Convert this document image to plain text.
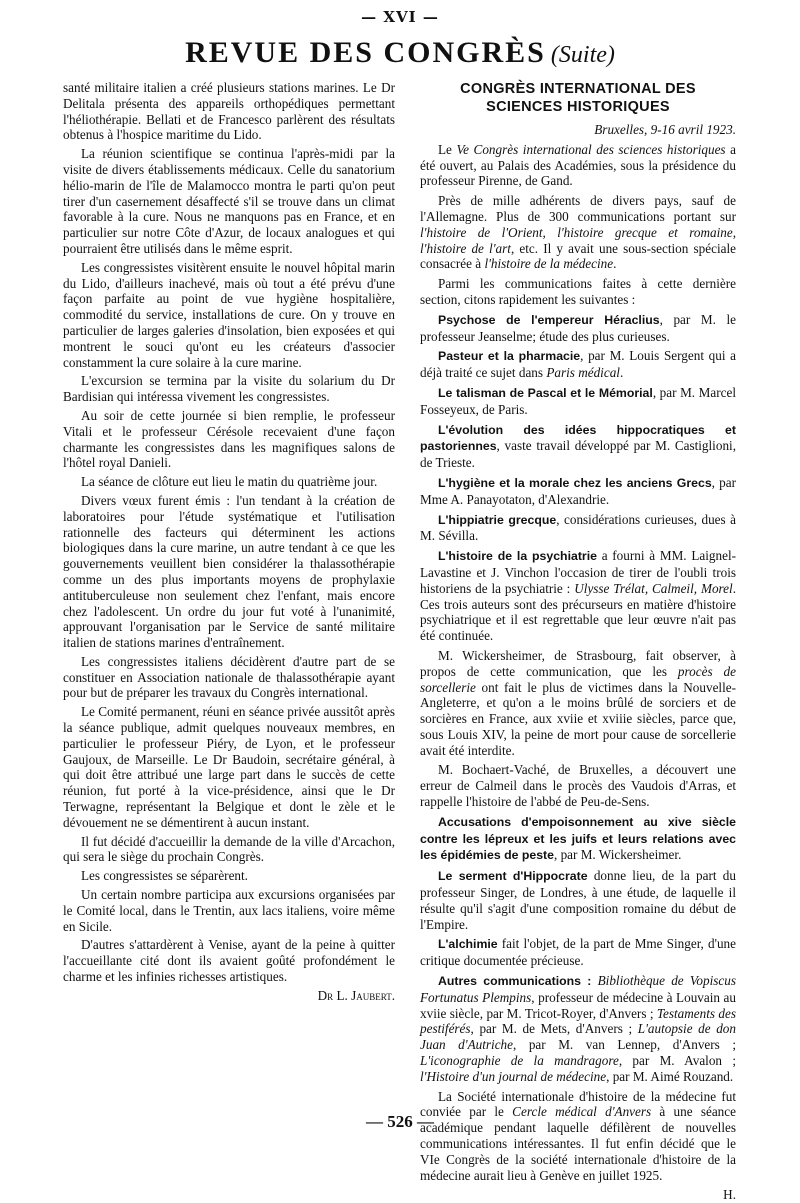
— XVI —
REVUE DES CONGRÈS (Suite)

santé militaire italien a créé plusieurs stations marines. Le Dr Delitala présenta des appareils orthopédiques permettant l'héliothérapie. Bellati et de Francesco parlèrent des résultats obtenus à l'hospice maritime du Lido.

La réunion scientifique se continua l'après-midi par la visite de divers établissements médicaux. Celle du sanatorium hélio-marin de l'île de Malamocco montra le parti qu'on peut tirer d'un casernement désaffecté s'il se trouve dans un climat favorable à la cure. Nous ne manquons pas en France, et en particulier sur notre Côte d'Azur, de locaux analogues et qui pourraient être utilisés dans le même esprit.

Les congressistes visitèrent ensuite le nouvel hôpital marin du Lido, d'ailleurs inachevé, mais où tout a été prévu d'une façon parfaite au point de vue hygiène hospitalière, commodité du service, installations de cure. On y trouve en particulier de larges galeries d'insolation, bien exposées et qui montrent le souci qu'ont eu les créateurs d'associer constamment la cure solaire à la cure marine.

L'excursion se termina par la visite du solarium du Dr Bardisian qui intéressa vivement les congressistes.

Au soir de cette journée si bien remplie, le professeur Vitali et le professeur Cérésole recevaient d'une façon charmante les congressistes dans les magnifiques salons de l'hôtel royal Danieli.

La séance de clôture eut lieu le matin du quatrième jour.

Divers vœux furent émis : l'un tendant à la création de laboratoires pour l'étude systématique et l'utilisation rationnelle des facteurs qui déterminent les actions biologiques dans la cure marine, un autre tendant à ce que les gouvernements veuillent bien considérer la thalassothérapie comme un des plus importants moyens de prophylaxie antituberculeuse non seulement chez l'enfant, mais encore chez l'adolescent. Un ordre du jour fut voté à l'unanimité, approuvant l'organisation par le Service de santé militaire italien de stations marines d'entraînement.

Les congressistes italiens décidèrent d'autre part de se constituer en Association nationale de thalassothérapie ayant pour but de préparer les travaux du Congrès international.

Le Comité permanent, réuni en séance privée aussitôt après la séance publique, admit quelques nouveaux membres, en particulier le professeur Piéry, de Lyon, et le professeur Gaujoux, de Marseille. Le Dr Baudoin, secrétaire général, à qui doit être attribué une large part dans le succès de cette réunion, fut porté à la vice-présidence, ainsi que le Dr Terwagne, représentant la Belgique et dont le zèle et le dévouement ne se démentirent à aucun instant.

Il fut décidé d'accueillir la demande de la ville d'Arcachon, qui sera le siège du prochain Congrès.

Les congressistes se séparèrent.

Un certain nombre participa aux excursions organisées par le Comité local, dans le Trentin, aux lacs italiens, voire même en Sicile.

D'autres s'attardèrent à Venise, ayant de la peine à quitter l'accueillante cité dont ils avaient goûté profondément le charme et les infinies richesses artistiques.

Dr L. Jaubert.
CONGRÈS INTERNATIONAL DES SCIENCES HISTORIQUES
Bruxelles, 9-16 avril 1923.

Le Ve Congrès international des sciences historiques a été ouvert, au Palais des Académies, sous la présidence du professeur Pirenne, de Gand.

Près de mille adhérents de divers pays, sauf de l'Allemagne. Plus de 300 communications portant sur l'histoire de l'Orient, l'histoire grecque et romaine, l'histoire de l'art, etc. Il y avait une sous-section spéciale consacrée à l'histoire de la médecine.

Parmi les communications faites à cette dernière section, citons rapidement les suivantes :

Psychose de l'empereur Héraclius, par M. le professeur Jeanselme; étude des plus curieuses.

Pasteur et la pharmacie, par M. Louis Sergent qui a déjà traité ce sujet dans Paris médical.

Le talisman de Pascal et le Mémorial, par M. Marcel Fosseyeux, de Paris.

L'évolution des idées hippocratiques et pastoriennes, vaste travail développé par M. Castiglioni, de Trieste.

L'hygiène et la morale chez les anciens Grecs, par Mme A. Panayotaton, d'Alexandrie.

L'hippiatrie grecque, considérations curieuses, dues à M. Sévilla.

L'histoire de la psychiatrie a fourni à MM. Laignel-Lavastine et J. Vinchon l'occasion de tirer de l'oubli trois historiens de la psychiatrie : Ulysse Trélat, Calmeil, Morel. Ces trois auteurs sont des précurseurs en matière d'histoire psychiatrique et il est regrettable que leur œuvre n'ait pas été continuée.

M. Wickersheimer, de Strasbourg, fait observer, à propos de cette communication, que les procès de sorcellerie ont fait le plus de victimes dans la Nouvelle-Angleterre, et qu'on a le moins brûlé de sorciers et de sorcières en France, aux xviie et xviiie siècles, parce que, sous Louis XIV, la peine de mort pour cause de sorcellerie avait été interdite.

M. Bochaert-Vaché, de Bruxelles, a découvert une erreur de Calmeil dans le procès des Vaudois d'Arras, et rappelle l'histoire de l'abbé de Peu-de-Sens.

Accusations d'empoisonnement au xive siècle contre les lépreux et les juifs et leurs relations avec les épidémies de peste, par M. Wickersheimer.

Le serment d'Hippocrate donne lieu, de la part du professeur Singer, de Londres, à une étude, de laquelle il résulte qu'il s'agit d'une composition romaine du début de l'Empire.

L'alchimie fait l'objet, de la part de Mme Singer, d'une critique documentée précieuse.

Autres communications : Bibliothèque de Vopiscus Fortunatus Plempins, professeur de médecine à Louvain au xviie siècle, par M. Tricot-Royer, d'Anvers ; Testaments des pestiférés, par M. de Mets, d'Anvers ; L'autopsie de don Juan d'Autriche, par M. van Lennep, d'Anvers ; L'iconographie de la mandragore, par M. Avalon ; l'Histoire d'un journal de médecine, par M. Aimé Rouzand.

La Société internationale d'histoire de la médecine fut conviée par le Cercle médical d'Anvers à une séance académique pendant laquelle défilèrent de nouvelles communications intéressantes. Il fut enfin décidé que le VIe Congrès de la société internationale d'histoire de la médecine aurait lieu à Genève en juillet 1925.

H.
— 526 —
